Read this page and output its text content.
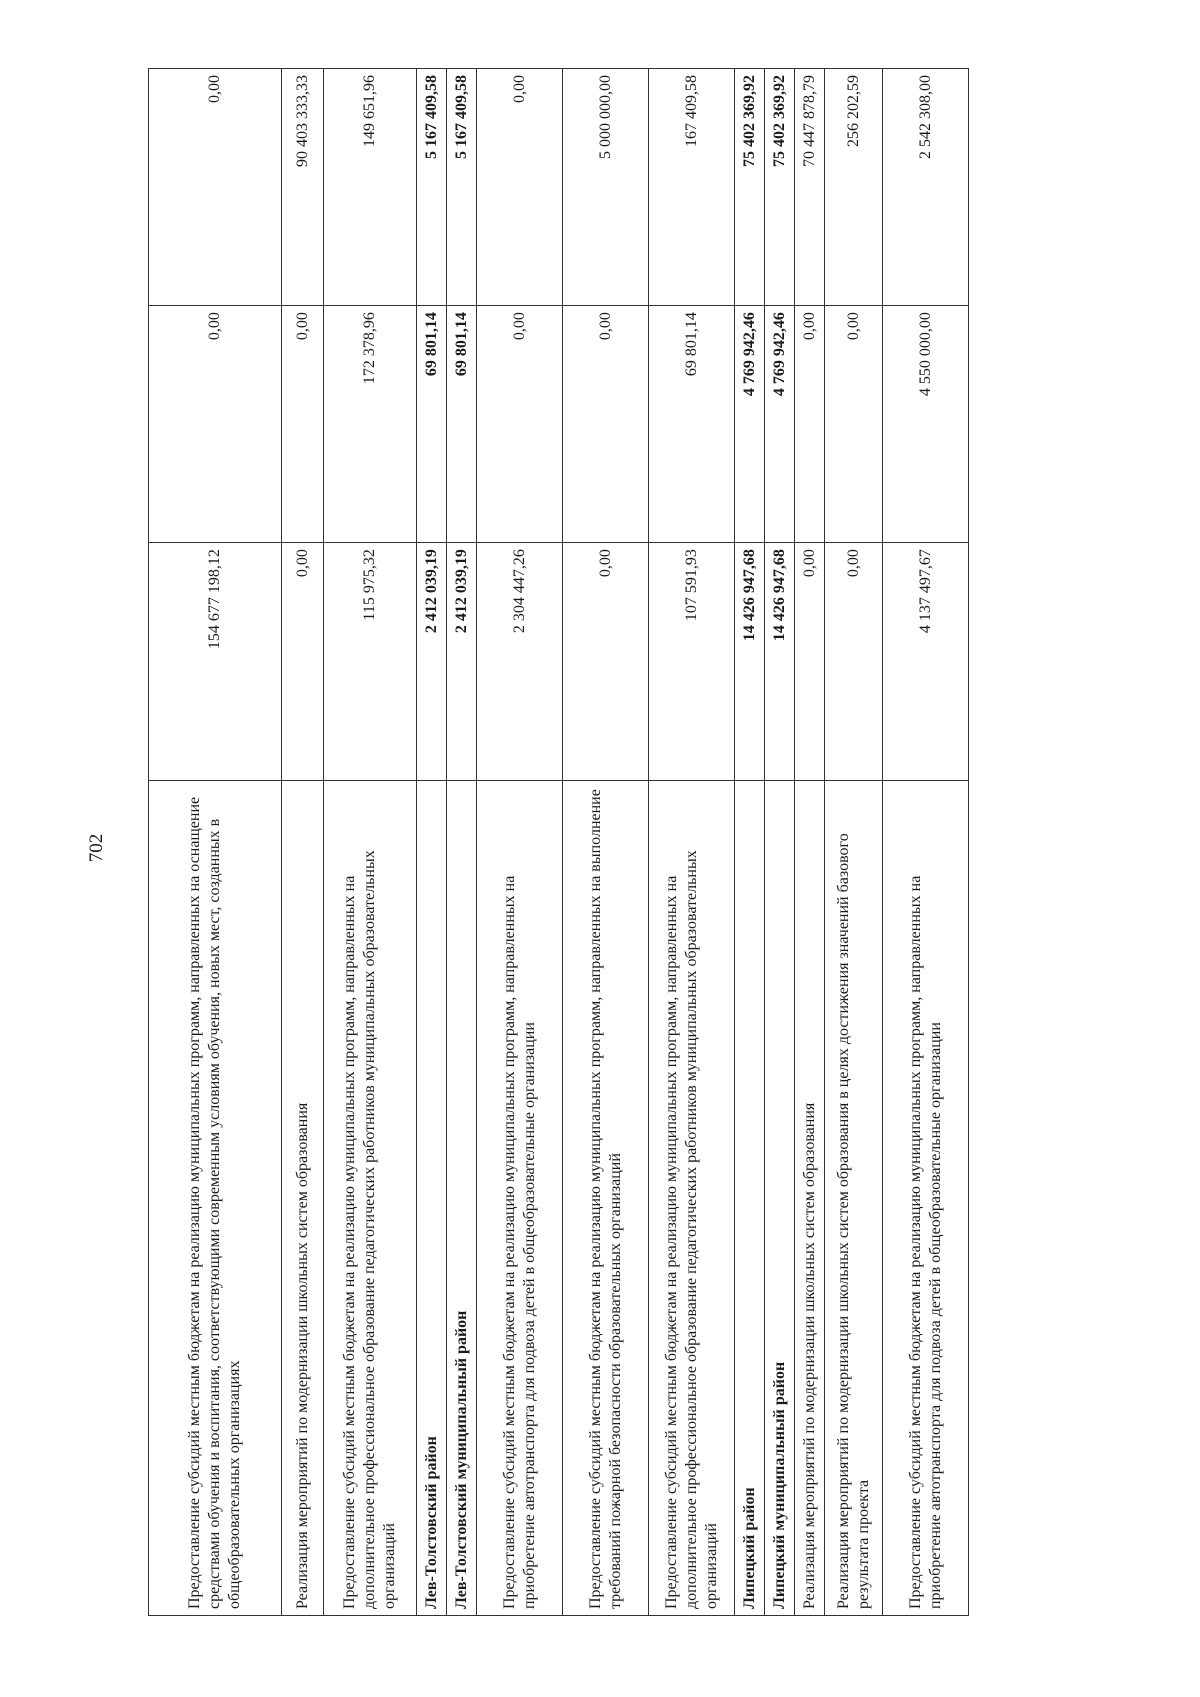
702	Предоставление субсидий местным бюджетам на реализацию муниципальных программ, направленных на оснащение средствами обучения и воспитания, соответствующими современным условиям обучения, новых мест, созданных в общеобразовательных организациях	154 677 198,12	0,00	0,00
Реализация мероприятий по модернизации школьных систем образования	0,00	0,00	90 403 333,33
Предоставление субсидий местным бюджетам на реализацию муниципальных программ, направленных на дополнительное профессиональное образование педагогических работников муниципальных образовательных организаций	115 975,32	172 378,96	149 651,96
Лев-Толстовский район	2 412 039,19	69 801,14	5 167 409,58
Лев-Толстовский муниципальный район	2 412 039,19	69 801,14	5 167 409,58
Предоставление субсидий местным бюджетам на реализацию муниципальных программ, направленных на приобретение автотранспорта для подвоза детей в общеобразовательные организации	2 304 447,26	0,00	0,00
Предоставление субсидий местным бюджетам на реализацию муниципальных программ, направленных на выполнение требований пожарной безопасности образовательных организаций	0,00	0,00	5 000 000,00
Предоставление субсидий местным бюджетам на реализацию муниципальных программ, направленных на дополнительное профессиональное образование педагогических работников муниципальных образовательных организаций	107 591,93	69 801,14	167 409,58
Липецкий район	14 426 947,68	4 769 942,46	75 402 369,92
Липецкий муниципальный район	14 426 947,68	4 769 942,46	75 402 369,92
Реализация мероприятий по модернизации школьных систем образования	0,00	0,00	70 447 878,79
Реализация мероприятий по модернизации школьных систем образования в целях достижения значений базового результата проекта	0,00	0,00	256 202,59
Предоставление субсидий местным бюджетам на реализацию муниципальных программ, направленных на приобретение автотранспорта для подвоза детей в общеобразовательные организации	4 137 497,67	4 550 000,00	2 542 308,00
